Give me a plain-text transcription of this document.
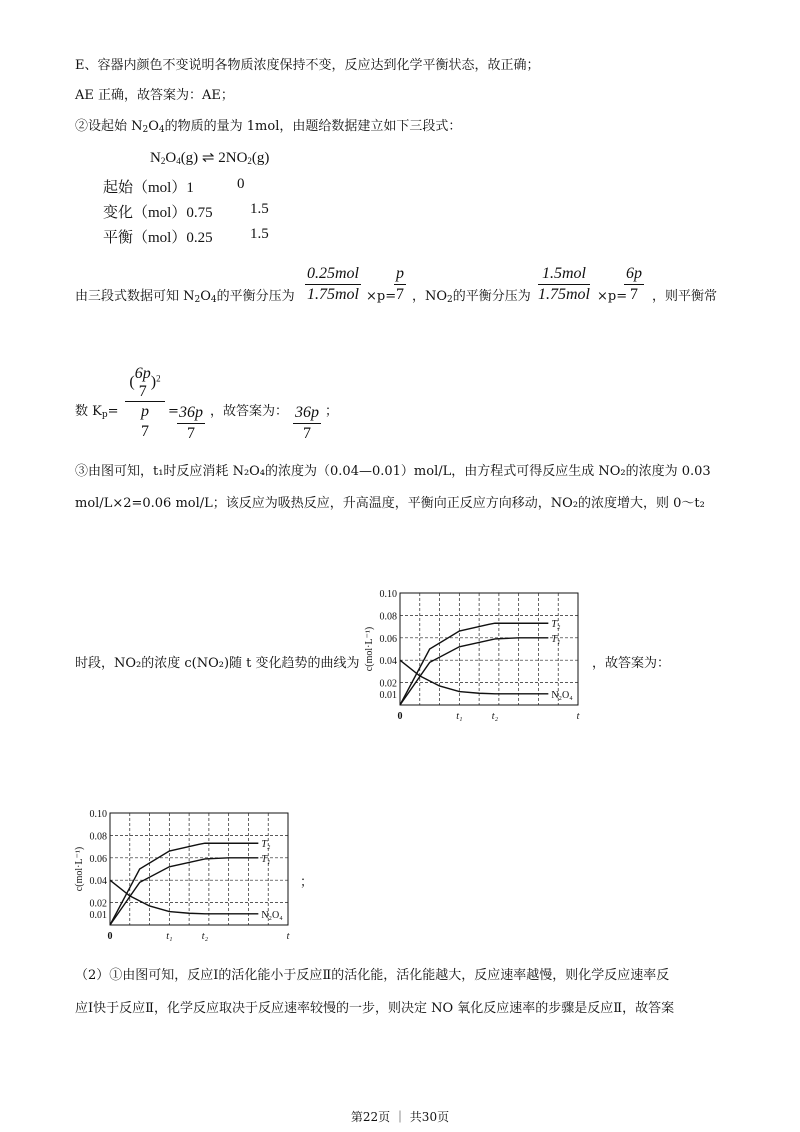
E、容器内颜色不变说明各物质浓度保持不变，反应达到化学平衡状态，故正确；
AE 正确，故答案为：AE；
②设起始 $N_2O_4$的物质的量为 1mol，由题给数据建立如下三段式：
$N_2O_4(g)$ ⇌ $2NO_2(g)$
起始（mol）1	0
变化（mol）0.75 1.5
平衡（mol）0.25 1.5
由三段式数据可知 $N_2O_4$的平衡分压为
0.25mol
1.75mol ×p=
$\frac{p}{7}$ ，$NO_2$的平衡分压为
1.5mol
1.75mol ×p=
$\frac{6p}{7}$ ，则平衡常
数 $K_p=$
(
6p
7
)$^2$
p
7
=
$\frac{36p}{7}$ ，故答案为： $\frac{36p}{7}$ ；
③由图可知，t₁时反应消耗 N₂O₄的浓度为（0.04—0.01）mol/L，由方程式可得反应生成 NO₂的浓度为 0.03
mol/L×2=0.06 mol/L；该反应为吸热反应，升高温度，平衡向正反应方向移动，NO₂的浓度增大，则 0～t₂
时段，NO₂的浓度 c(NO₂)随 t 变化趋势的曲线为	，故答案为：
0.10
0.08
0.06
0.04
0.02
0.01
c(mol·L⁻¹)
0	t₁	t₂	t
T₂
T₁
N₂O₄
0.10
0.08
0.06
0.04
0.02
0.01
c(mol·L⁻¹)
0	t₁	t₂	t
T₂
T₁
N₂O₄
；
（2）①由图可知，反应Ⅰ的活化能小于反应Ⅱ的活化能，活化能越大，反应速率越慢，则化学反应速率反
应Ⅰ快于反应Ⅱ，化学反应取决于反应速率较慢的一步，则决定 NO 氧化反应速率的步骤是反应Ⅱ，故答案
第22页 ｜ 共30页
